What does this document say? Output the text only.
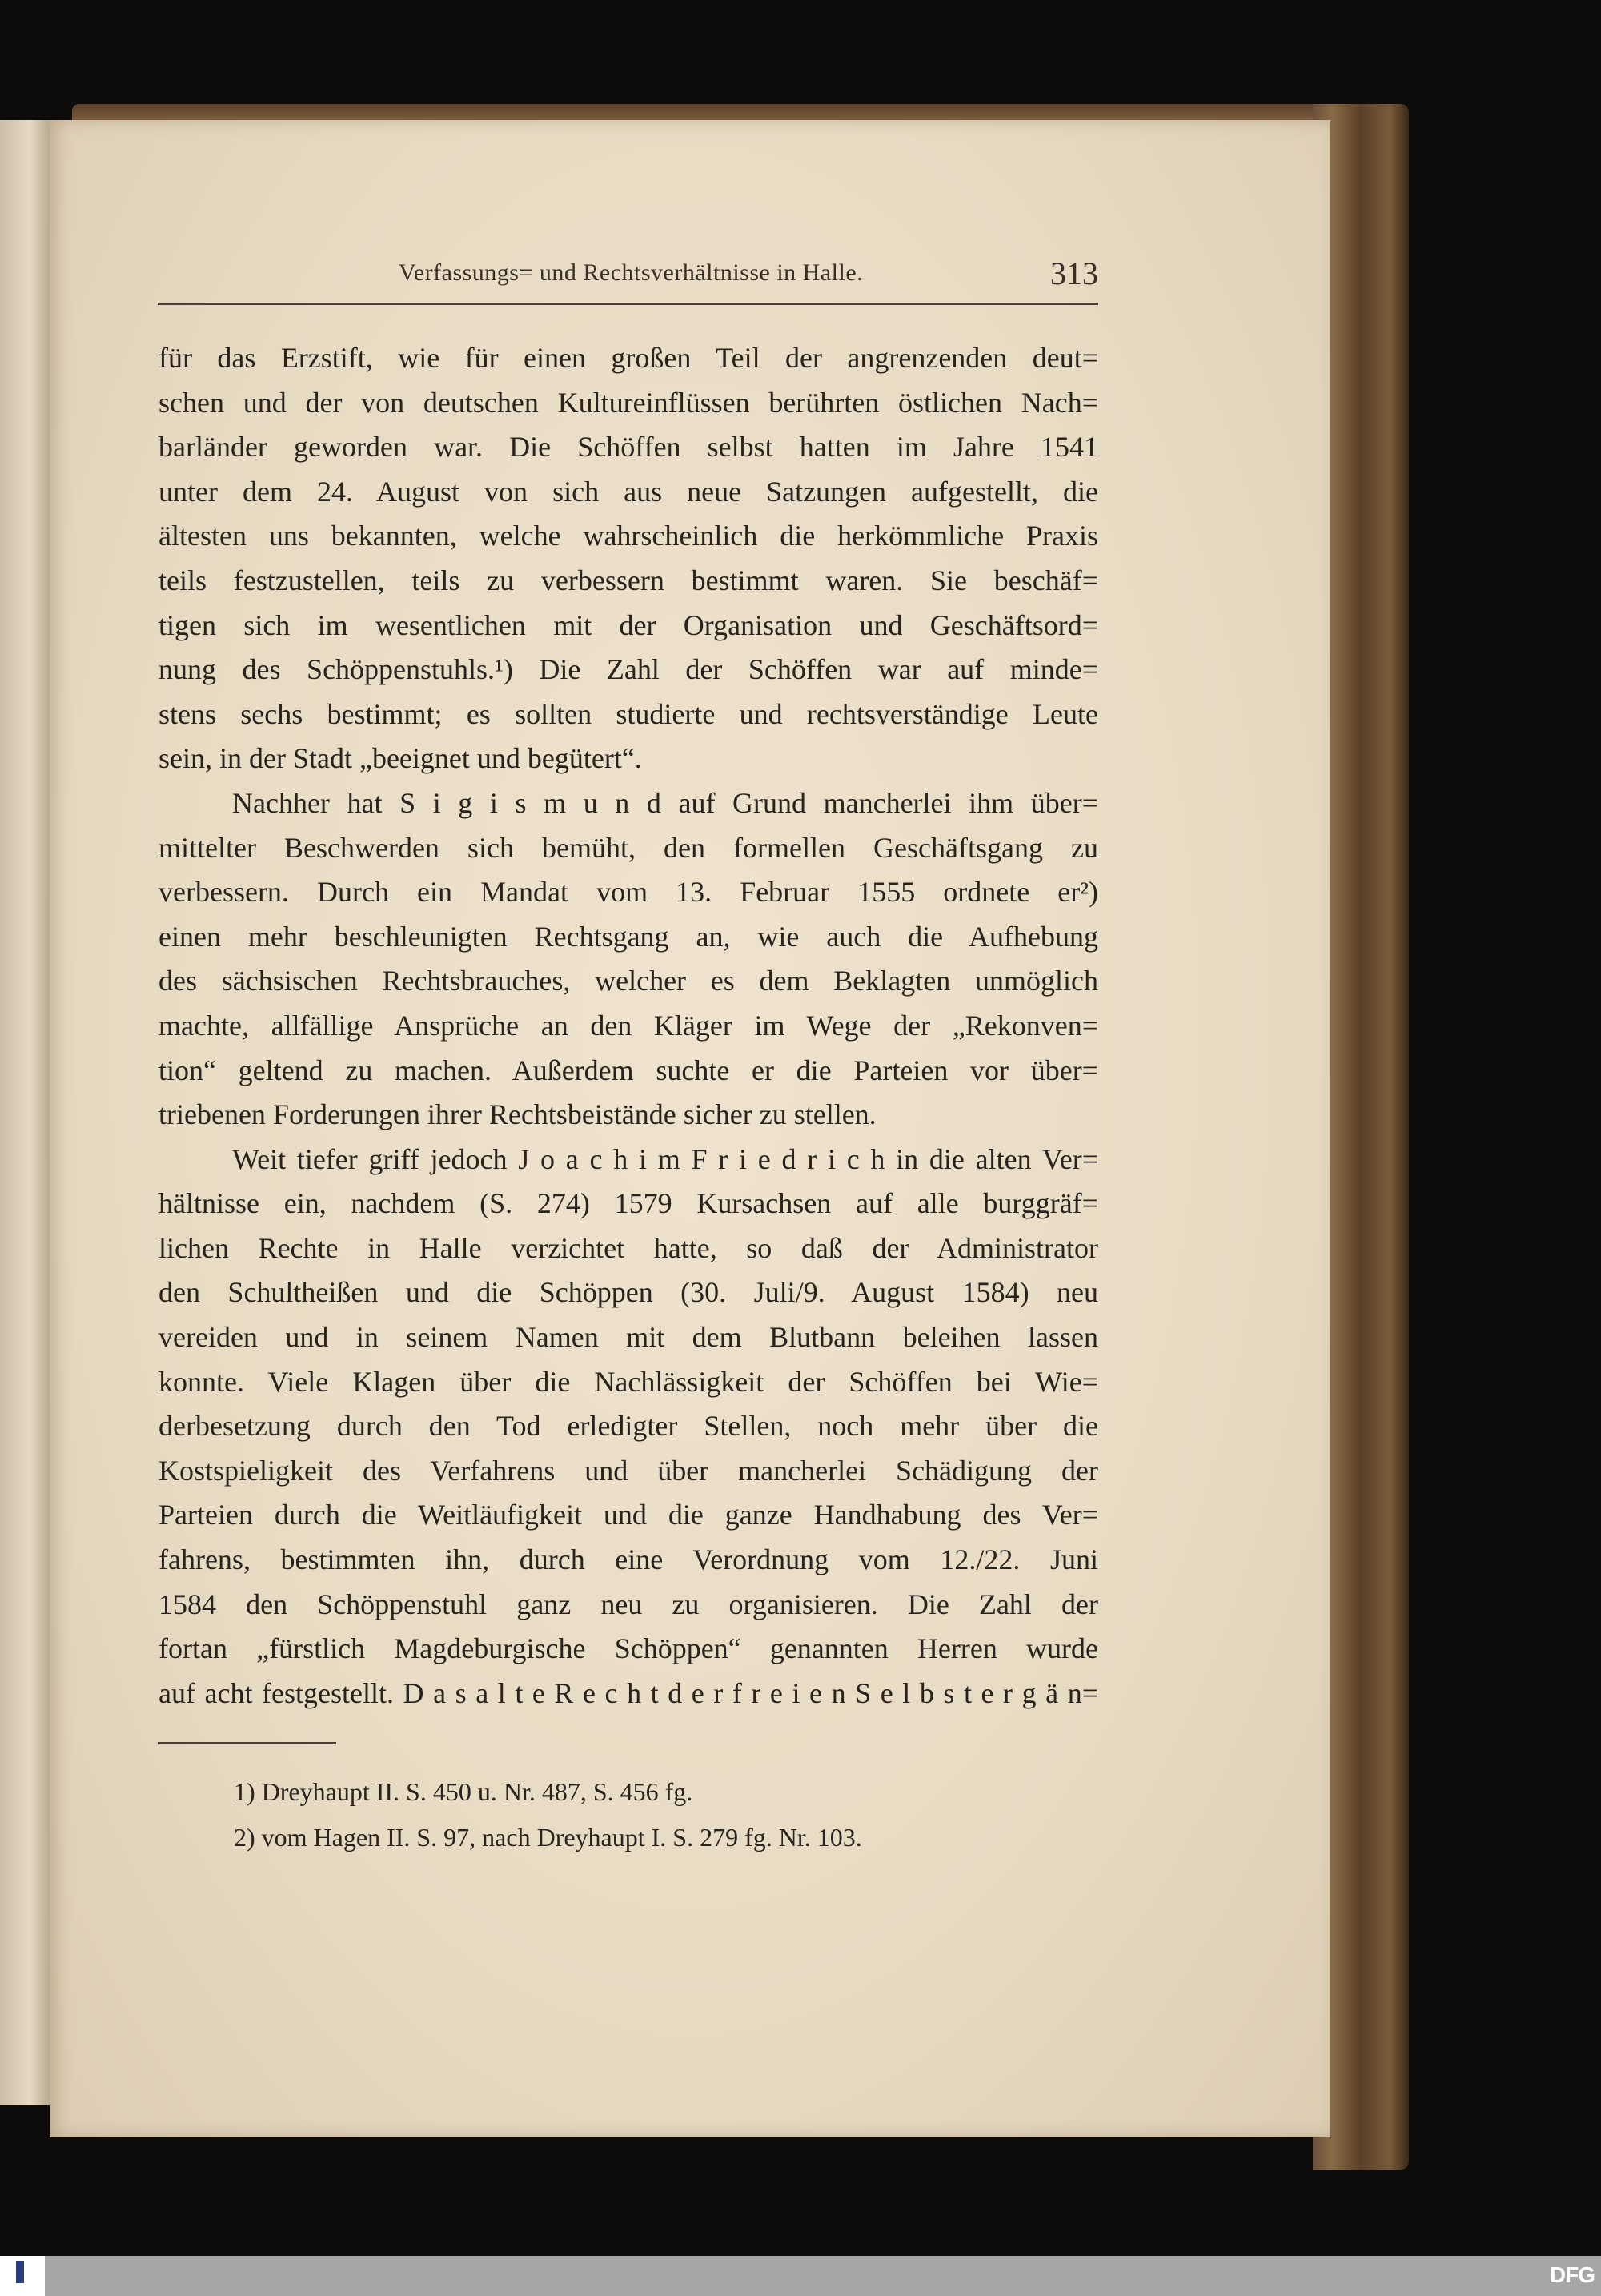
Verfassungs= und Rechtsverhältnisse in Halle.	313
für das Erzstift, wie für einen großen Teil der angrenzenden deut=
schen und der von deutschen Kultureinflüssen berührten östlichen Nach=
barländer geworden war. Die Schöffen selbst hatten im Jahre 1541
unter dem 24. August von sich aus neue Satzungen aufgestellt, die
ältesten uns bekannten, welche wahrscheinlich die herkömmliche Praxis
teils festzustellen, teils zu verbessern bestimmt waren. Sie beschäf=
tigen sich im wesentlichen mit der Organisation und Geschäftsord=
nung des Schöppenstuhls.¹) Die Zahl der Schöffen war auf minde=
stens sechs bestimmt; es sollten studierte und rechtsverständige Leute
sein, in der Stadt „beeignet und begütert“.
Nachher hat S i g i s m u n d auf Grund mancherlei ihm über=
mittelter Beschwerden sich bemüht, den formellen Geschäftsgang zu
verbessern. Durch ein Mandat vom 13. Februar 1555 ordnete er²)
einen mehr beschleunigten Rechtsgang an, wie auch die Aufhebung
des sächsischen Rechtsbrauches, welcher es dem Beklagten unmöglich
machte, allfällige Ansprüche an den Kläger im Wege der „Rekonven=
tion“ geltend zu machen. Außerdem suchte er die Parteien vor über=
triebenen Forderungen ihrer Rechtsbeistände sicher zu stellen.
Weit tiefer griff jedoch J o a c h i m F r i e d r i c h in die alten Ver=
hältnisse ein, nachdem (S. 274) 1579 Kursachsen auf alle burggräf=
lichen Rechte in Halle verzichtet hatte, so daß der Administrator
den Schultheißen und die Schöppen (30. Juli/9. August 1584) neu
vereiden und in seinem Namen mit dem Blutbann beleihen lassen
konnte. Viele Klagen über die Nachlässigkeit der Schöffen bei Wie=
derbesetzung durch den Tod erledigter Stellen, noch mehr über die
Kostspieligkeit des Verfahrens und über mancherlei Schädigung der
Parteien durch die Weitläufigkeit und die ganze Handhabung des Ver=
fahrens, bestimmten ihn, durch eine Verordnung vom 12./22. Juni
1584 den Schöppenstuhl ganz neu zu organisieren. Die Zahl der
fortan „fürstlich Magdeburgische Schöppen“ genannten Herren wurde
auf acht festgestellt. D a s a l t e R e c h t d e r f r e i e n S e l b s t e r g ä n=
1) Dreyhaupt II. S. 450 u. Nr. 487, S. 456 fg.
2) vom Hagen II. S. 97, nach Dreyhaupt I. S. 279 fg. Nr. 103.
DFG
